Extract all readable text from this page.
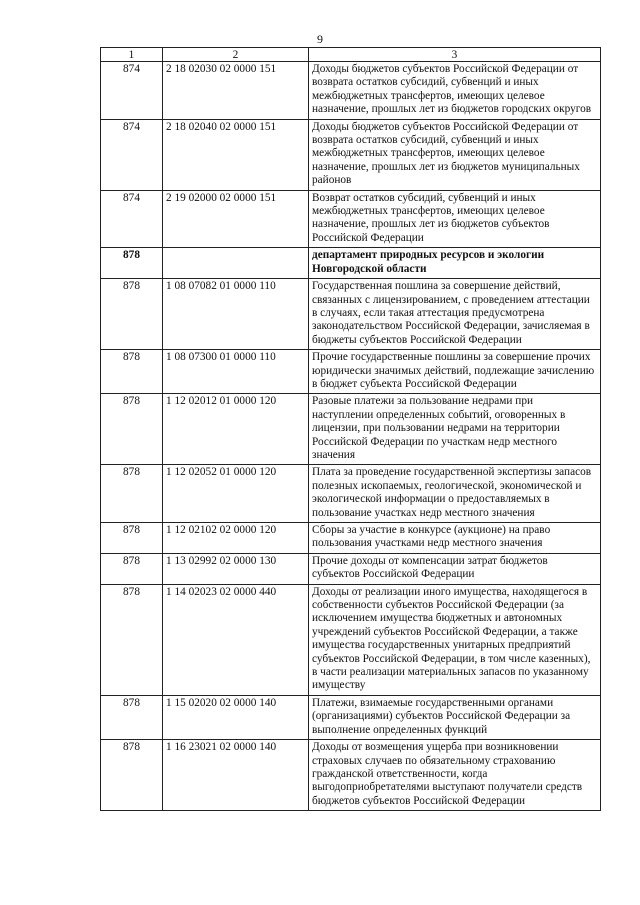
9
1	2	3
874	2 18 02030 02 0000 151	Доходы бюджетов субъектов Российской Федерации от возврата остатков субсидий, субвенций и иных межбюджетных трансфертов, имеющих целевое назначение, прошлых лет из бюджетов городских округов
874	2 18 02040 02 0000 151	Доходы бюджетов субъектов Российской Федерации от возврата остатков субсидий, субвенций и иных межбюджетных трансфертов, имеющих целевое назначение, прошлых лет из бюджетов муниципальных районов
874	2 19 02000 02 0000 151	Возврат остатков субсидий, субвенций и иных межбюджетных трансфертов, имеющих целевое назначение, прошлых лет из бюджетов субъектов Российской Федерации
878		департамент природных ресурсов и экологии Новгородской области
878	1 08 07082 01 0000 110	Государственная пошлина за совершение действий, связанных с лицензированием, с проведением аттестации в случаях, если такая аттестация предусмотрена законодательством Российской Федерации, зачисляемая в бюджеты субъектов Российской Федерации
878	1 08 07300 01 0000 110	Прочие государственные пошлины за совершение прочих юридически значимых действий, подлежащие зачислению в бюджет субъекта Российской Федерации
878	1 12 02012 01 0000 120	Разовые платежи за пользование недрами при наступлении определенных событий, оговоренных в лицензии, при пользовании недрами на территории Российской Федерации по участкам недр местного значения
878	1 12 02052 01 0000 120	Плата за проведение государственной экспертизы запасов полезных ископаемых, геологической, экономической и экологической информации о предоставляемых в пользование участках недр местного значения
878	1 12 02102 02 0000 120	Сборы за участие в конкурсе (аукционе) на право пользования участками недр местного значения
878	1 13 02992 02 0000 130	Прочие доходы от компенсации затрат бюджетов субъектов Российской Федерации
878	1 14 02023 02 0000 440	Доходы от реализации иного имущества, находящегося в собственности субъектов Российской Федерации (за исключением имущества бюджетных и автономных учреждений субъектов Российской Федерации, а также имущества государственных унитарных предприятий субъектов Российской Федерации, в том числе казенных), в части реализации материальных запасов по указанному имуществу
878	1 15 02020 02 0000 140	Платежи, взимаемые государственными органами (организациями) субъектов Российской Федерации за выполнение определенных функций
878	1 16 23021 02 0000 140	Доходы от возмещения ущерба при возникновении страховых случаев по обязательному страхованию гражданской ответственности, когда выгодоприобретателями выступают получатели средств бюджетов субъектов Российской Федерации
